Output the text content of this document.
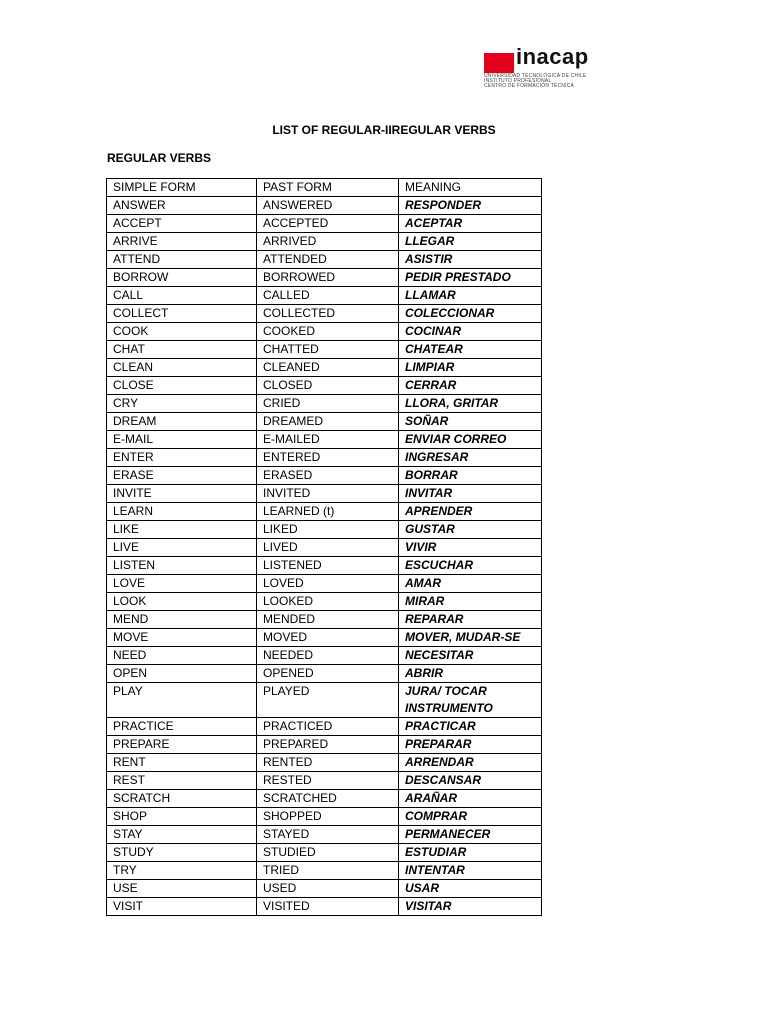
inacap
UNIVERSIDAD TECNOLÓGICA DE CHILE
INSTITUTO PROFESIONAL
CENTRO DE FORMACIÓN TÉCNICA
LIST OF REGULAR-IIREGULAR VERBS
REGULAR VERBS
SIMPLE FORM	PAST FORM	MEANING
ANSWER	ANSWERED	RESPONDER
ACCEPT	ACCEPTED	ACEPTAR
ARRIVE	ARRIVED	LLEGAR
ATTEND	ATTENDED	ASISTIR
BORROW	BORROWED	PEDIR PRESTADO
CALL	CALLED	LLAMAR
COLLECT	COLLECTED	COLECCIONAR
COOK	COOKED	COCINAR
CHAT	CHATTED	CHATEAR
CLEAN	CLEANED	LIMPIAR
CLOSE	CLOSED	CERRAR
CRY	CRIED	LLORA, GRITAR
DREAM	DREAMED	SOÑAR
E-MAIL	E-MAILED	ENVIAR CORREO
ENTER	ENTERED	INGRESAR
ERASE	ERASED	BORRAR
INVITE	INVITED	INVITAR
LEARN	LEARNED (t)	APRENDER
LIKE	LIKED	GUSTAR
LIVE	LIVED	VIVIR
LISTEN	LISTENED	ESCUCHAR
LOVE	LOVED	AMAR
LOOK	LOOKED	MIRAR
MEND	MENDED	REPARAR
MOVE	MOVED	MOVER, MUDAR-SE
NEED	NEEDED	NECESITAR
OPEN	OPENED	ABRIR
PLAY	PLAYED	JURA/ TOCAR INSTRUMENTO
PRACTICE	PRACTICED	PRACTICAR
PREPARE	PREPARED	PREPARAR
RENT	RENTED	ARRENDAR
REST	RESTED	DESCANSAR
SCRATCH	SCRATCHED	ARAÑAR
SHOP	SHOPPED	COMPRAR
STAY	STAYED	PERMANECER
STUDY	STUDIED	ESTUDIAR
TRY	TRIED	INTENTAR
USE	USED	USAR
VISIT	VISITED	VISITAR
